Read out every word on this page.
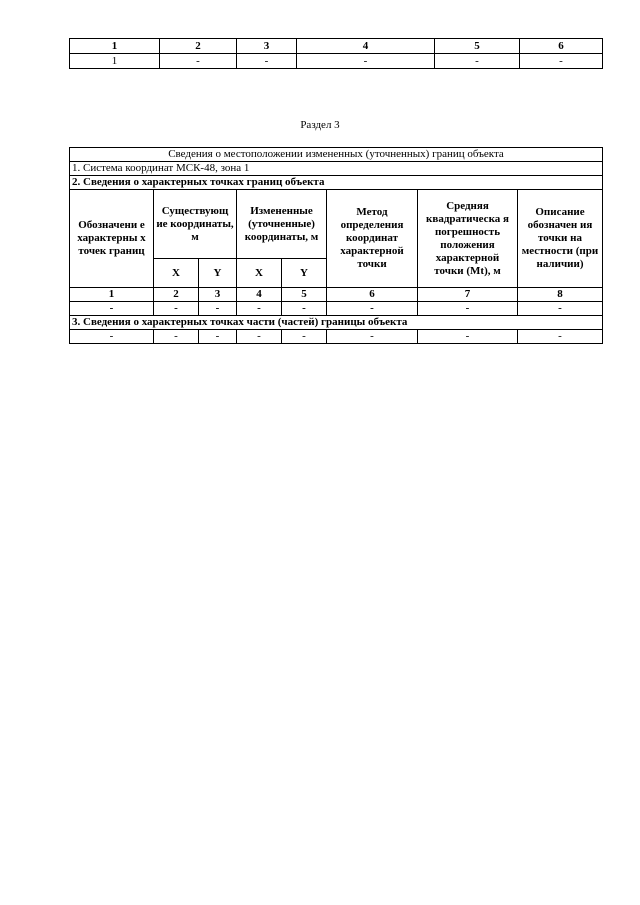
1	2	3	4	5	6
1	-	-	-	-	-
Раздел 3
Сведения о местоположении измененных (уточненных) границ объекта							
1. Система координат МСК-48, зона 1							
2. Сведения о характерных точках границ объекта							
Обозначени е характерны х точек границ	Существующ ие координаты, м		Измененные (уточненные) координаты, м		Метод определения координат характерной точки	Средняя квадратическа я погрешность положения характерной точки (Mt), м	Описание обозначен ия точки на местности (при наличии)
	X	Y	X	Y			
1	2	3	4	5	6	7	8
-	-	-	-	-	-	-	-
3. Сведения о характерных точках части (частей) границы объекта							
-	-	-	-	-	-	-	-
